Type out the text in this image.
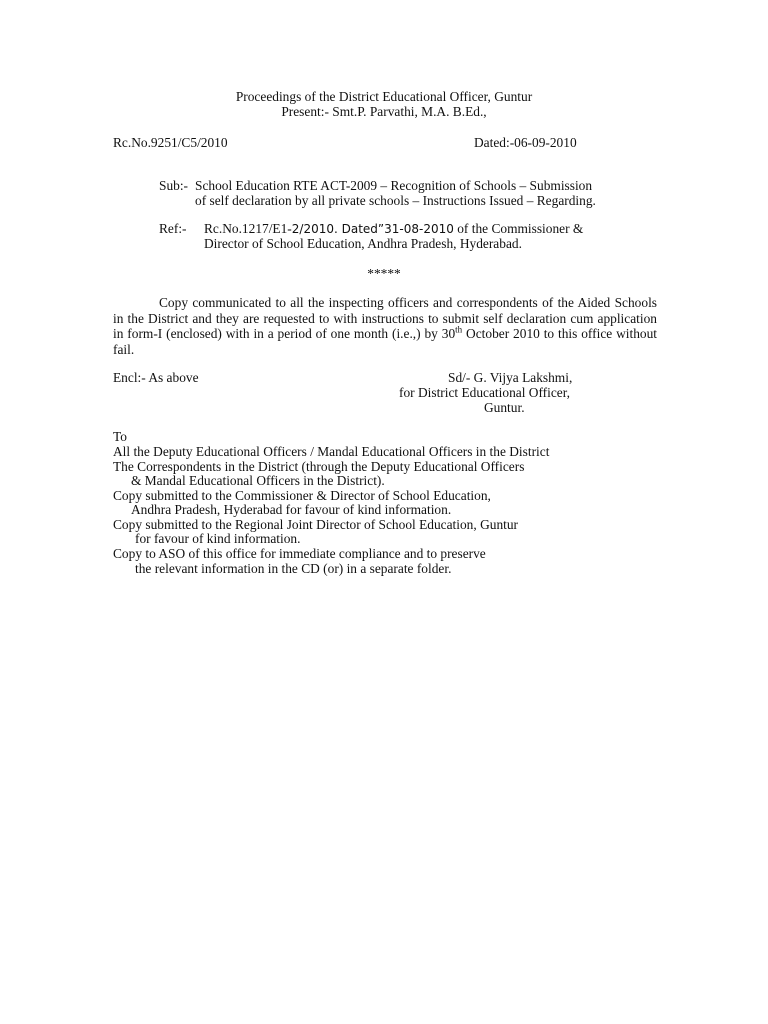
Proceedings of the District Educational Officer, Guntur
Present:- Smt.P. Parvathi, M.A. B.Ed.,
Rc.No.9251/C5/2010	Dated:-06-09-2010
Sub:- School Education RTE ACT-2009 – Recognition of Schools – Submission
of self declaration by all private schools – Instructions Issued – Regarding.
Ref:- Rc.No.1217/E1-2/2010. Dated”31-08-2010 of the Commissioner &
Director of School Education, Andhra Pradesh, Hyderabad.
*****
Copy communicated to all the inspecting officers and correspondents of the Aided Schools in the District and they are requested to with instructions to submit self declaration cum application in form-I (enclosed) with in a period of one month (i.e.,) by 30th October 2010 to this office without fail.
Encl:- As above	Sd/- G. Vijya Lakshmi,
for District Educational Officer,
Guntur.
To
All the Deputy Educational Officers / Mandal Educational Officers in the District
The Correspondents in the District (through the Deputy Educational Officers
& Mandal Educational Officers in the District).
Copy submitted to the Commissioner & Director of School Education,
Andhra Pradesh, Hyderabad for favour of kind information.
Copy submitted to the Regional Joint Director of School Education, Guntur
for favour of kind information.
Copy to ASO of this office for immediate compliance and to preserve
the relevant information in the CD (or) in a separate folder.
